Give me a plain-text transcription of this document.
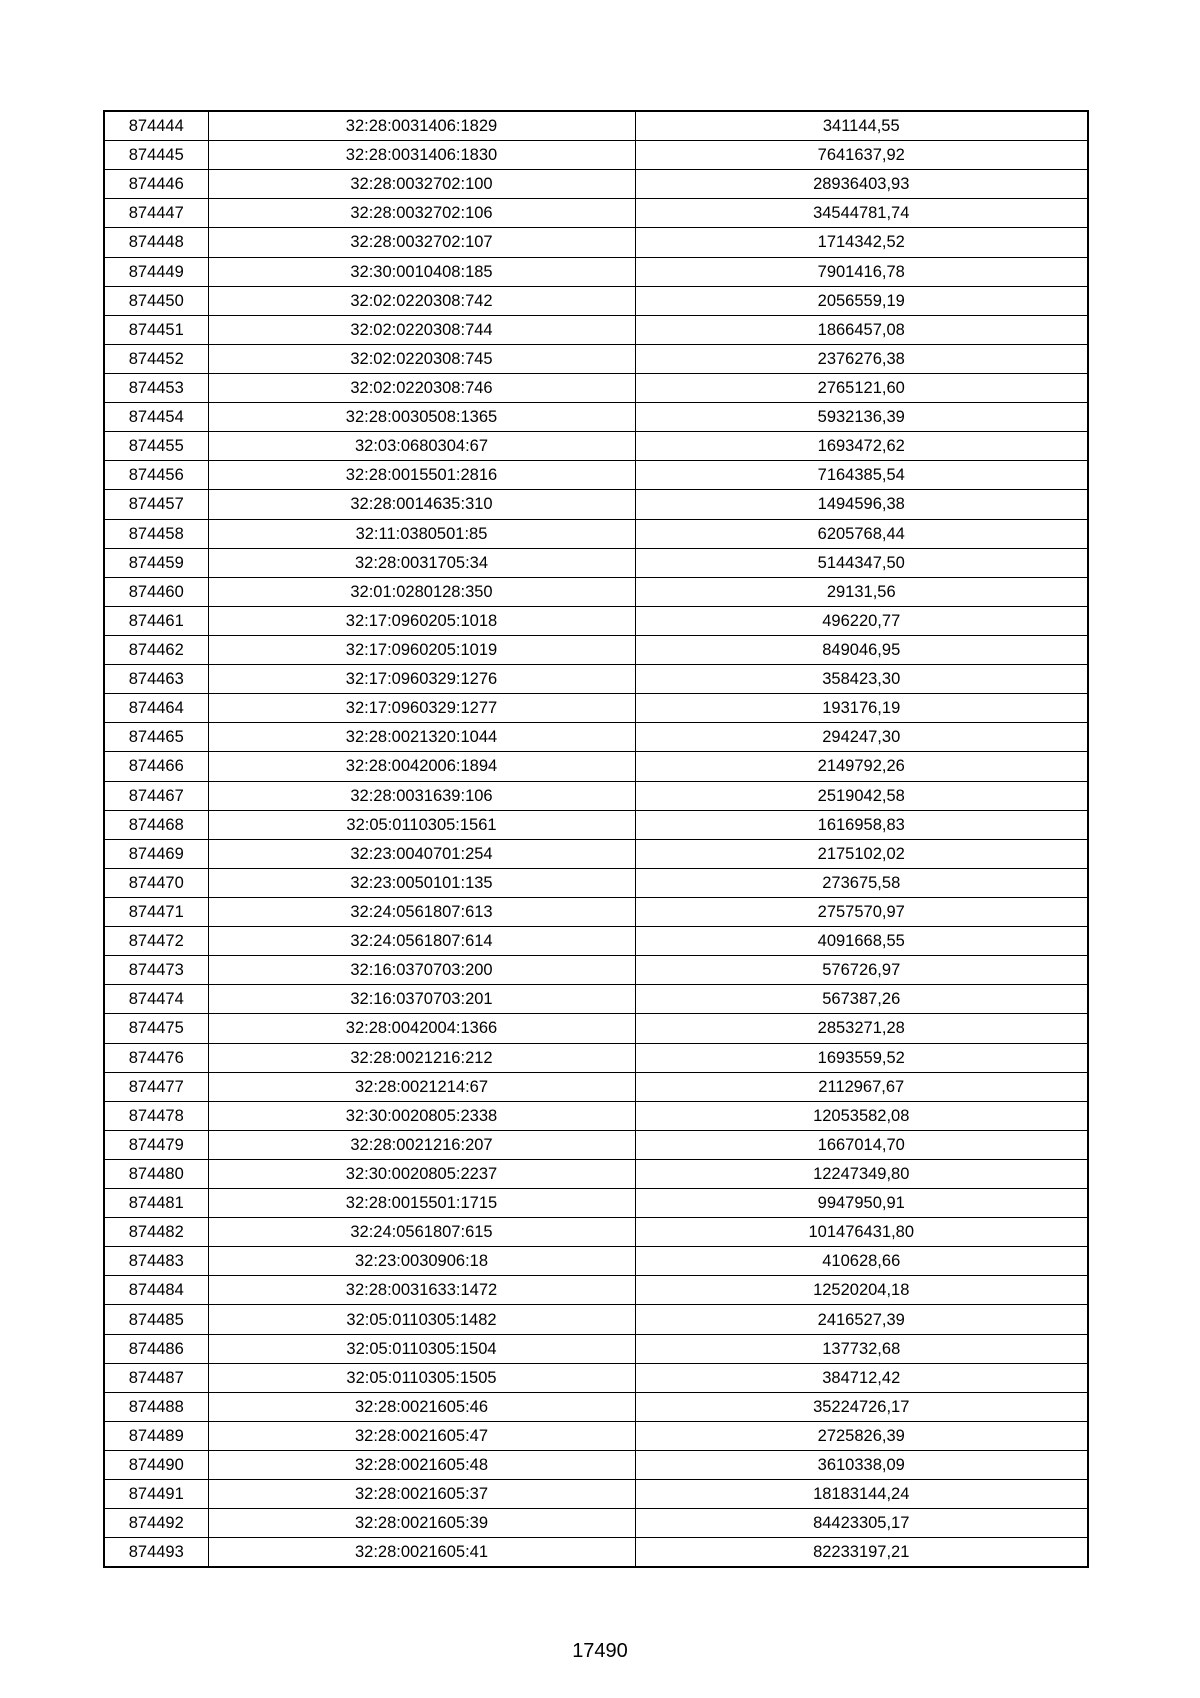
874444	32:28:0031406:1829	341144,55
874445	32:28:0031406:1830	7641637,92
874446	32:28:0032702:100	28936403,93
874447	32:28:0032702:106	34544781,74
874448	32:28:0032702:107	1714342,52
874449	32:30:0010408:185	7901416,78
874450	32:02:0220308:742	2056559,19
874451	32:02:0220308:744	1866457,08
874452	32:02:0220308:745	2376276,38
874453	32:02:0220308:746	2765121,60
874454	32:28:0030508:1365	5932136,39
874455	32:03:0680304:67	1693472,62
874456	32:28:0015501:2816	7164385,54
874457	32:28:0014635:310	1494596,38
874458	32:11:0380501:85	6205768,44
874459	32:28:0031705:34	5144347,50
874460	32:01:0280128:350	29131,56
874461	32:17:0960205:1018	496220,77
874462	32:17:0960205:1019	849046,95
874463	32:17:0960329:1276	358423,30
874464	32:17:0960329:1277	193176,19
874465	32:28:0021320:1044	294247,30
874466	32:28:0042006:1894	2149792,26
874467	32:28:0031639:106	2519042,58
874468	32:05:0110305:1561	1616958,83
874469	32:23:0040701:254	2175102,02
874470	32:23:0050101:135	273675,58
874471	32:24:0561807:613	2757570,97
874472	32:24:0561807:614	4091668,55
874473	32:16:0370703:200	576726,97
874474	32:16:0370703:201	567387,26
874475	32:28:0042004:1366	2853271,28
874476	32:28:0021216:212	1693559,52
874477	32:28:0021214:67	2112967,67
874478	32:30:0020805:2338	12053582,08
874479	32:28:0021216:207	1667014,70
874480	32:30:0020805:2237	12247349,80
874481	32:28:0015501:1715	9947950,91
874482	32:24:0561807:615	101476431,80
874483	32:23:0030906:18	410628,66
874484	32:28:0031633:1472	12520204,18
874485	32:05:0110305:1482	2416527,39
874486	32:05:0110305:1504	137732,68
874487	32:05:0110305:1505	384712,42
874488	32:28:0021605:46	35224726,17
874489	32:28:0021605:47	2725826,39
874490	32:28:0021605:48	3610338,09
874491	32:28:0021605:37	18183144,24
874492	32:28:0021605:39	84423305,17
874493	32:28:0021605:41	82233197,21
17490
